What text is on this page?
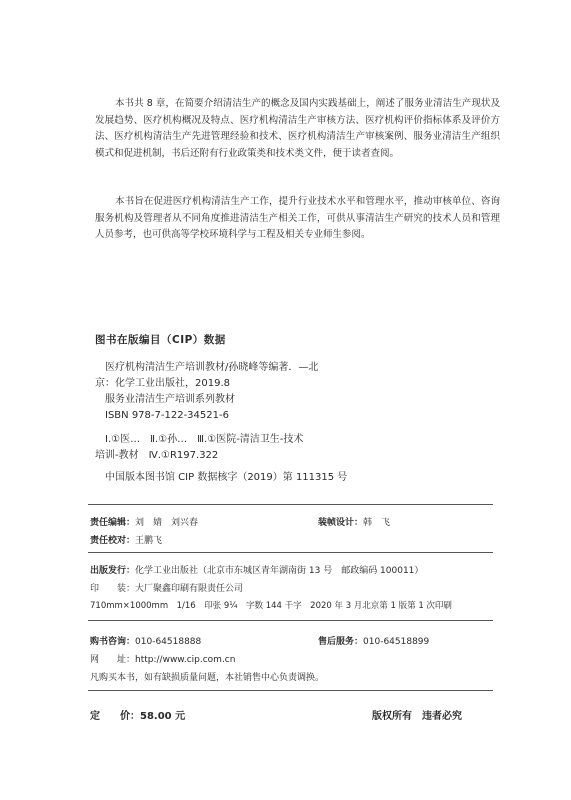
本书共 8 章，在简要介绍清洁生产的概念及国内实践基础上，阐述了服务业清洁生产现状及发展趋势、医疗机构概况及特点、医疗机构清洁生产审核方法、医疗机构评价指标体系及评价方法、医疗机构清洁生产先进管理经验和技术、医疗机构清洁生产审核案例、服务业清洁生产组织模式和促进机制，书后还附有行业政策类和技术类文件，便于读者查阅。
本书旨在促进医疗机构清洁生产工作，提升行业技术水平和管理水平，推动审核单位、咨询服务机构及管理者从不同角度推进清洁生产相关工作，可供从事清洁生产研究的技术人员和管理人员参考，也可供高等学校环境科学与工程及相关专业师生参阅。
图书在版编目（CIP）数据
医疗机构清洁生产培训教材/孙晓峰等编著．—北
京：化学工业出版社，2019.8
服务业清洁生产培训系列教材
ISBN 978-7-122-34521-6
Ⅰ.①医…　Ⅱ.①孙…　Ⅲ.①医院-清洁卫生-技术
培训-教材　Ⅳ.①R197.322
中国版本图书馆 CIP 数据核字（2019）第 111315 号
责任编辑：刘　婧　刘兴春	装帧设计：韩　飞
责任校对：王鹏飞
出版发行：化学工业出版社（北京市东城区青年湖南街 13 号　邮政编码 100011）
印　　装：大厂聚鑫印刷有限责任公司
710mm×1000mm　1/16　印张 9¼　字数 144 千字　2020 年 3 月北京第 1 版第 1 次印刷
购书咨询：010-64518888	售后服务：010-64518899
网　　址：http://www.cip.com.cn
凡购买本书，如有缺损质量问题，本社销售中心负责调换。
定　　价：58.00 元	版权所有　违者必究
